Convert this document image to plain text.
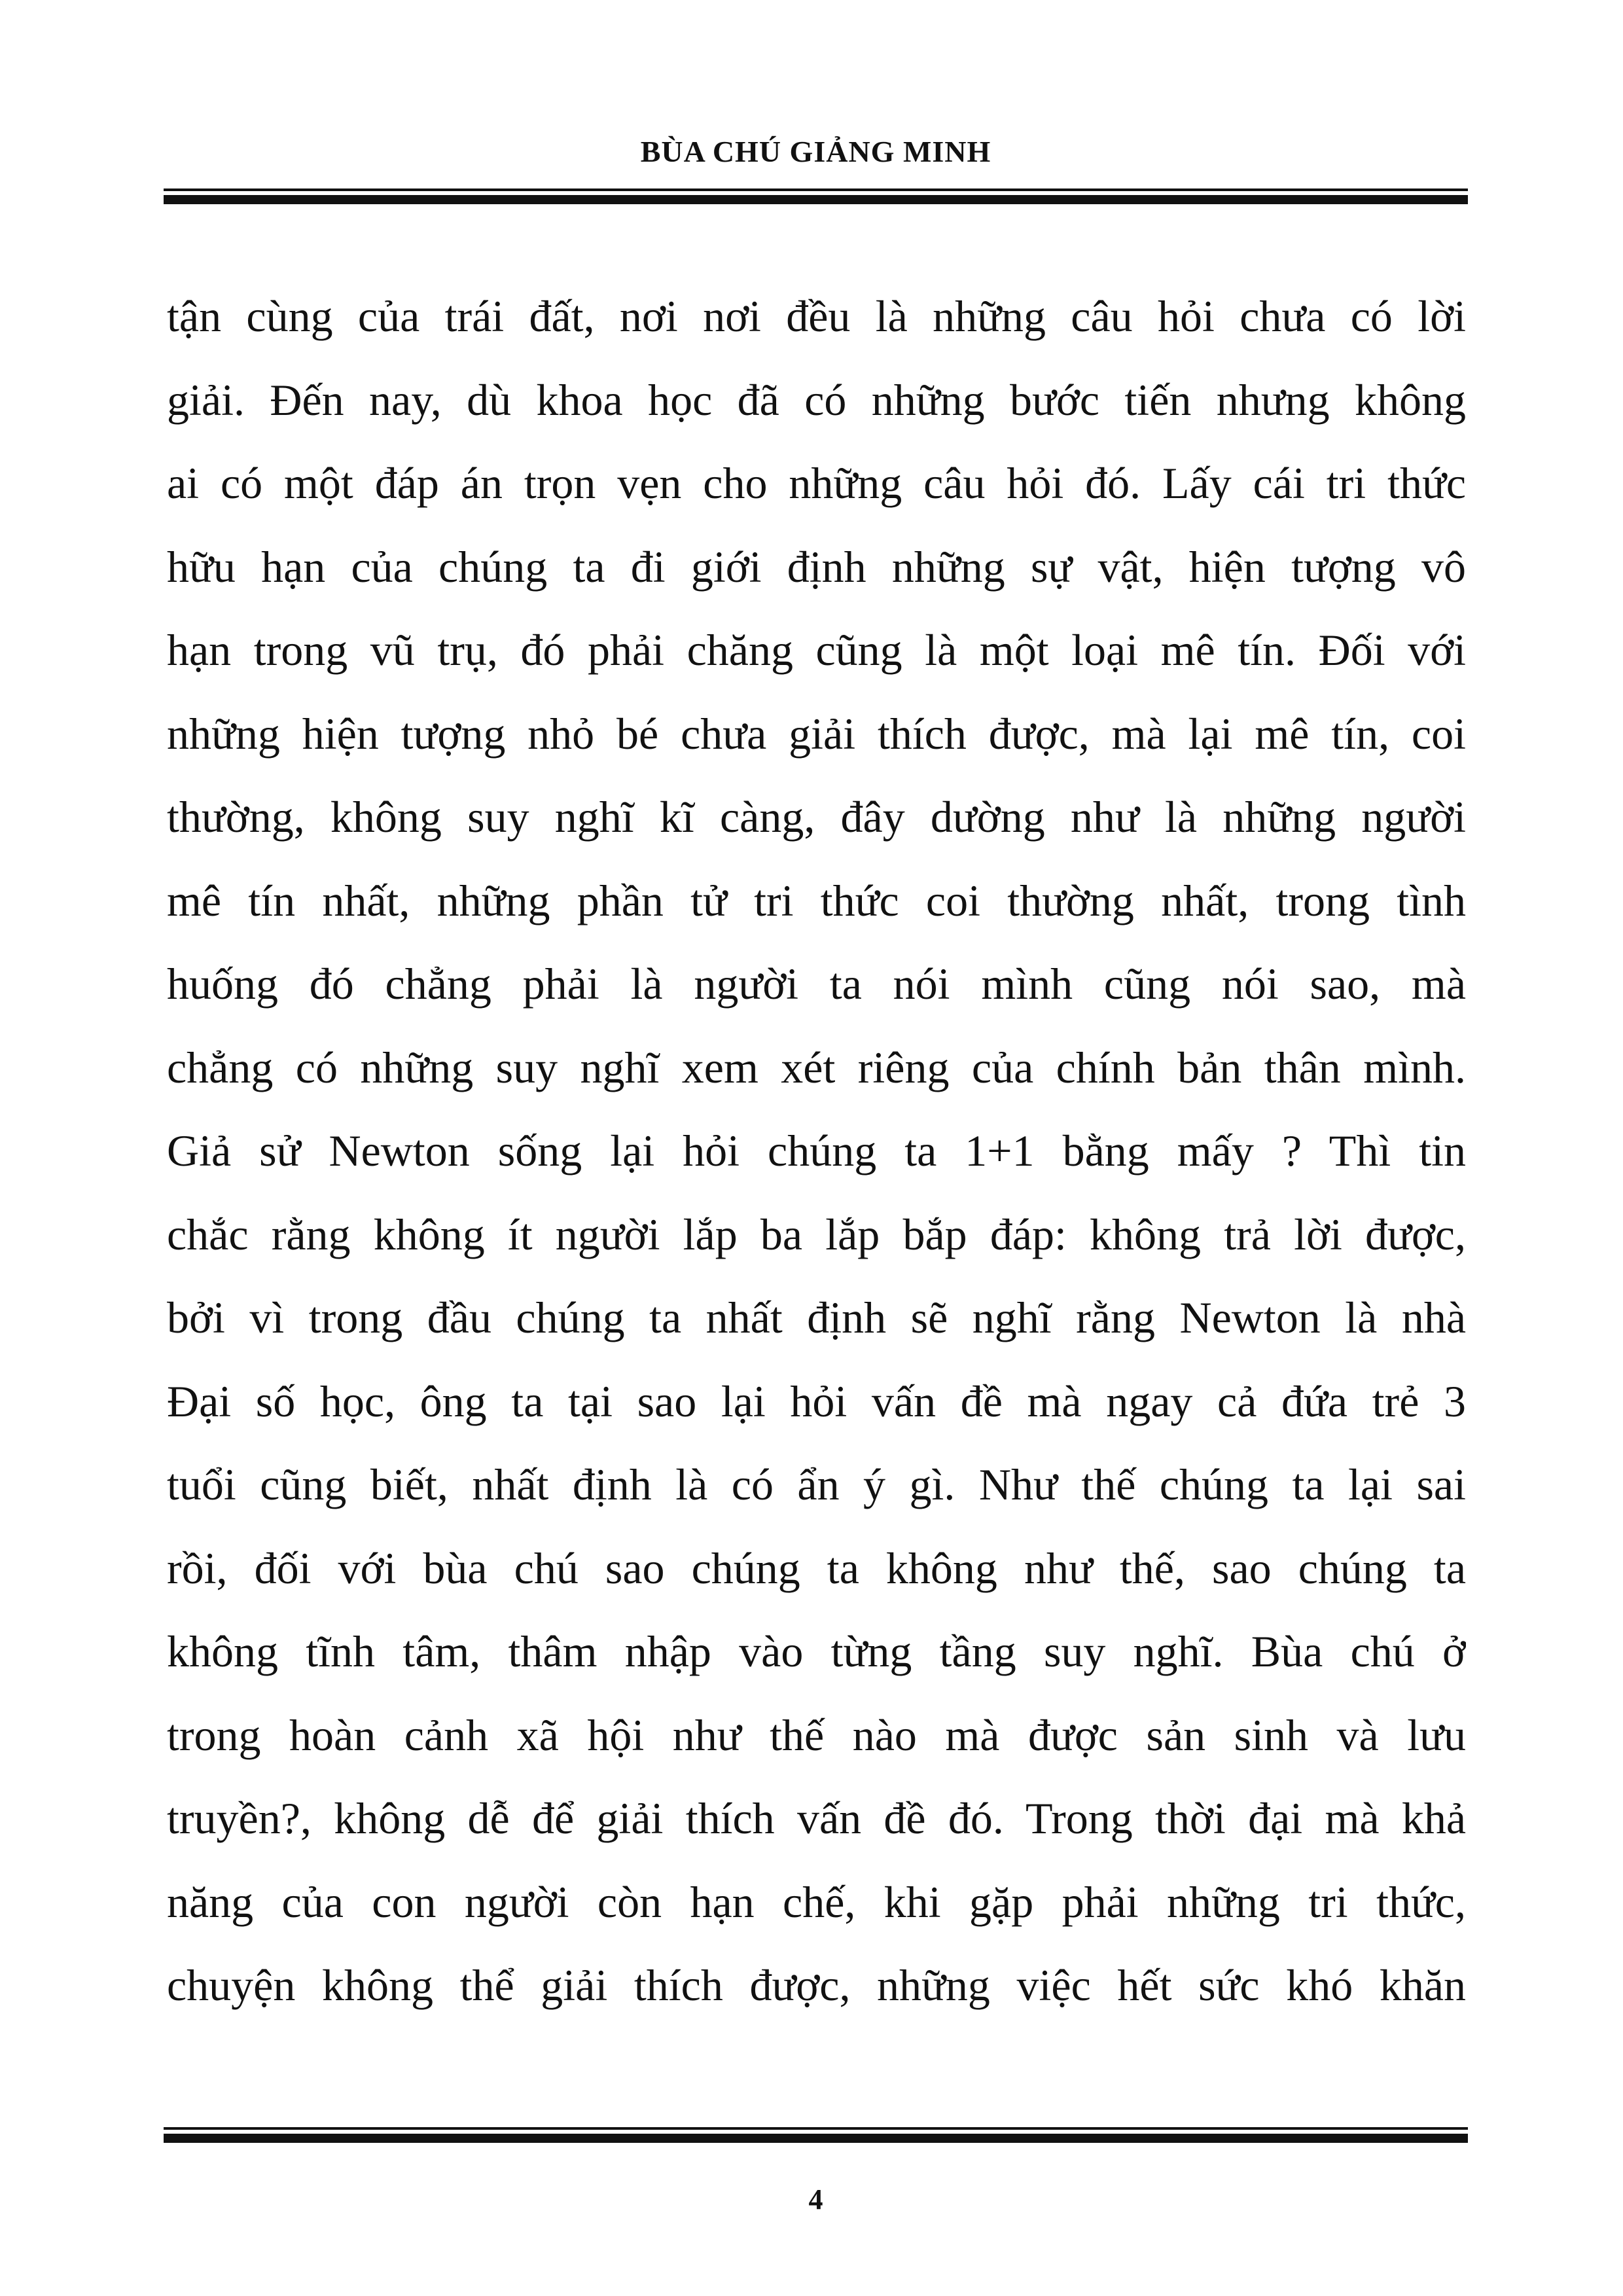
BÙA CHÚ GIẢNG MINH
tận cùng của trái đất, nơi nơi đều là những câu hỏi chưa có lời
giải. Đến nay, dù khoa học đã có những bước tiến nhưng không
ai có một đáp án trọn vẹn cho những câu hỏi đó. Lấy cái tri thức
hữu hạn của chúng ta đi giới định những sự vật, hiện tượng vô
hạn trong vũ trụ, đó phải chăng cũng là một loại mê tín. Đối với
những hiện tượng nhỏ bé chưa giải thích được, mà lại mê tín, coi
thường, không suy nghĩ kĩ càng, đây dường như là những người
mê tín nhất, những phần tử tri thức coi thường nhất, trong tình
huống đó chẳng phải là người ta nói mình cũng nói sao, mà
chẳng có những suy nghĩ xem xét riêng của chính bản thân mình.
Giả sử Newton sống lại hỏi chúng ta 1+1 bằng mấy ? Thì tin
chắc rằng không ít người lắp ba lắp bắp đáp: không trả lời được,
bởi vì trong đầu chúng ta nhất định sẽ nghĩ rằng Newton là nhà
Đại số học, ông ta tại sao lại hỏi vấn đề mà ngay cả đứa trẻ 3
tuổi cũng biết, nhất định là có ẩn ý gì. Như thế chúng ta lại sai
rồi, đối với bùa chú sao chúng ta không như thế, sao chúng ta
không tĩnh tâm, thâm nhập vào từng tầng suy nghĩ. Bùa chú ở
trong hoàn cảnh xã hội như thế nào mà được sản sinh và lưu
truyền?, không dễ để giải thích vấn đề đó. Trong thời đại mà khả
năng của con người còn hạn chế, khi gặp phải những tri thức,
chuyện không thể giải thích được, những việc hết sức khó khăn
4
